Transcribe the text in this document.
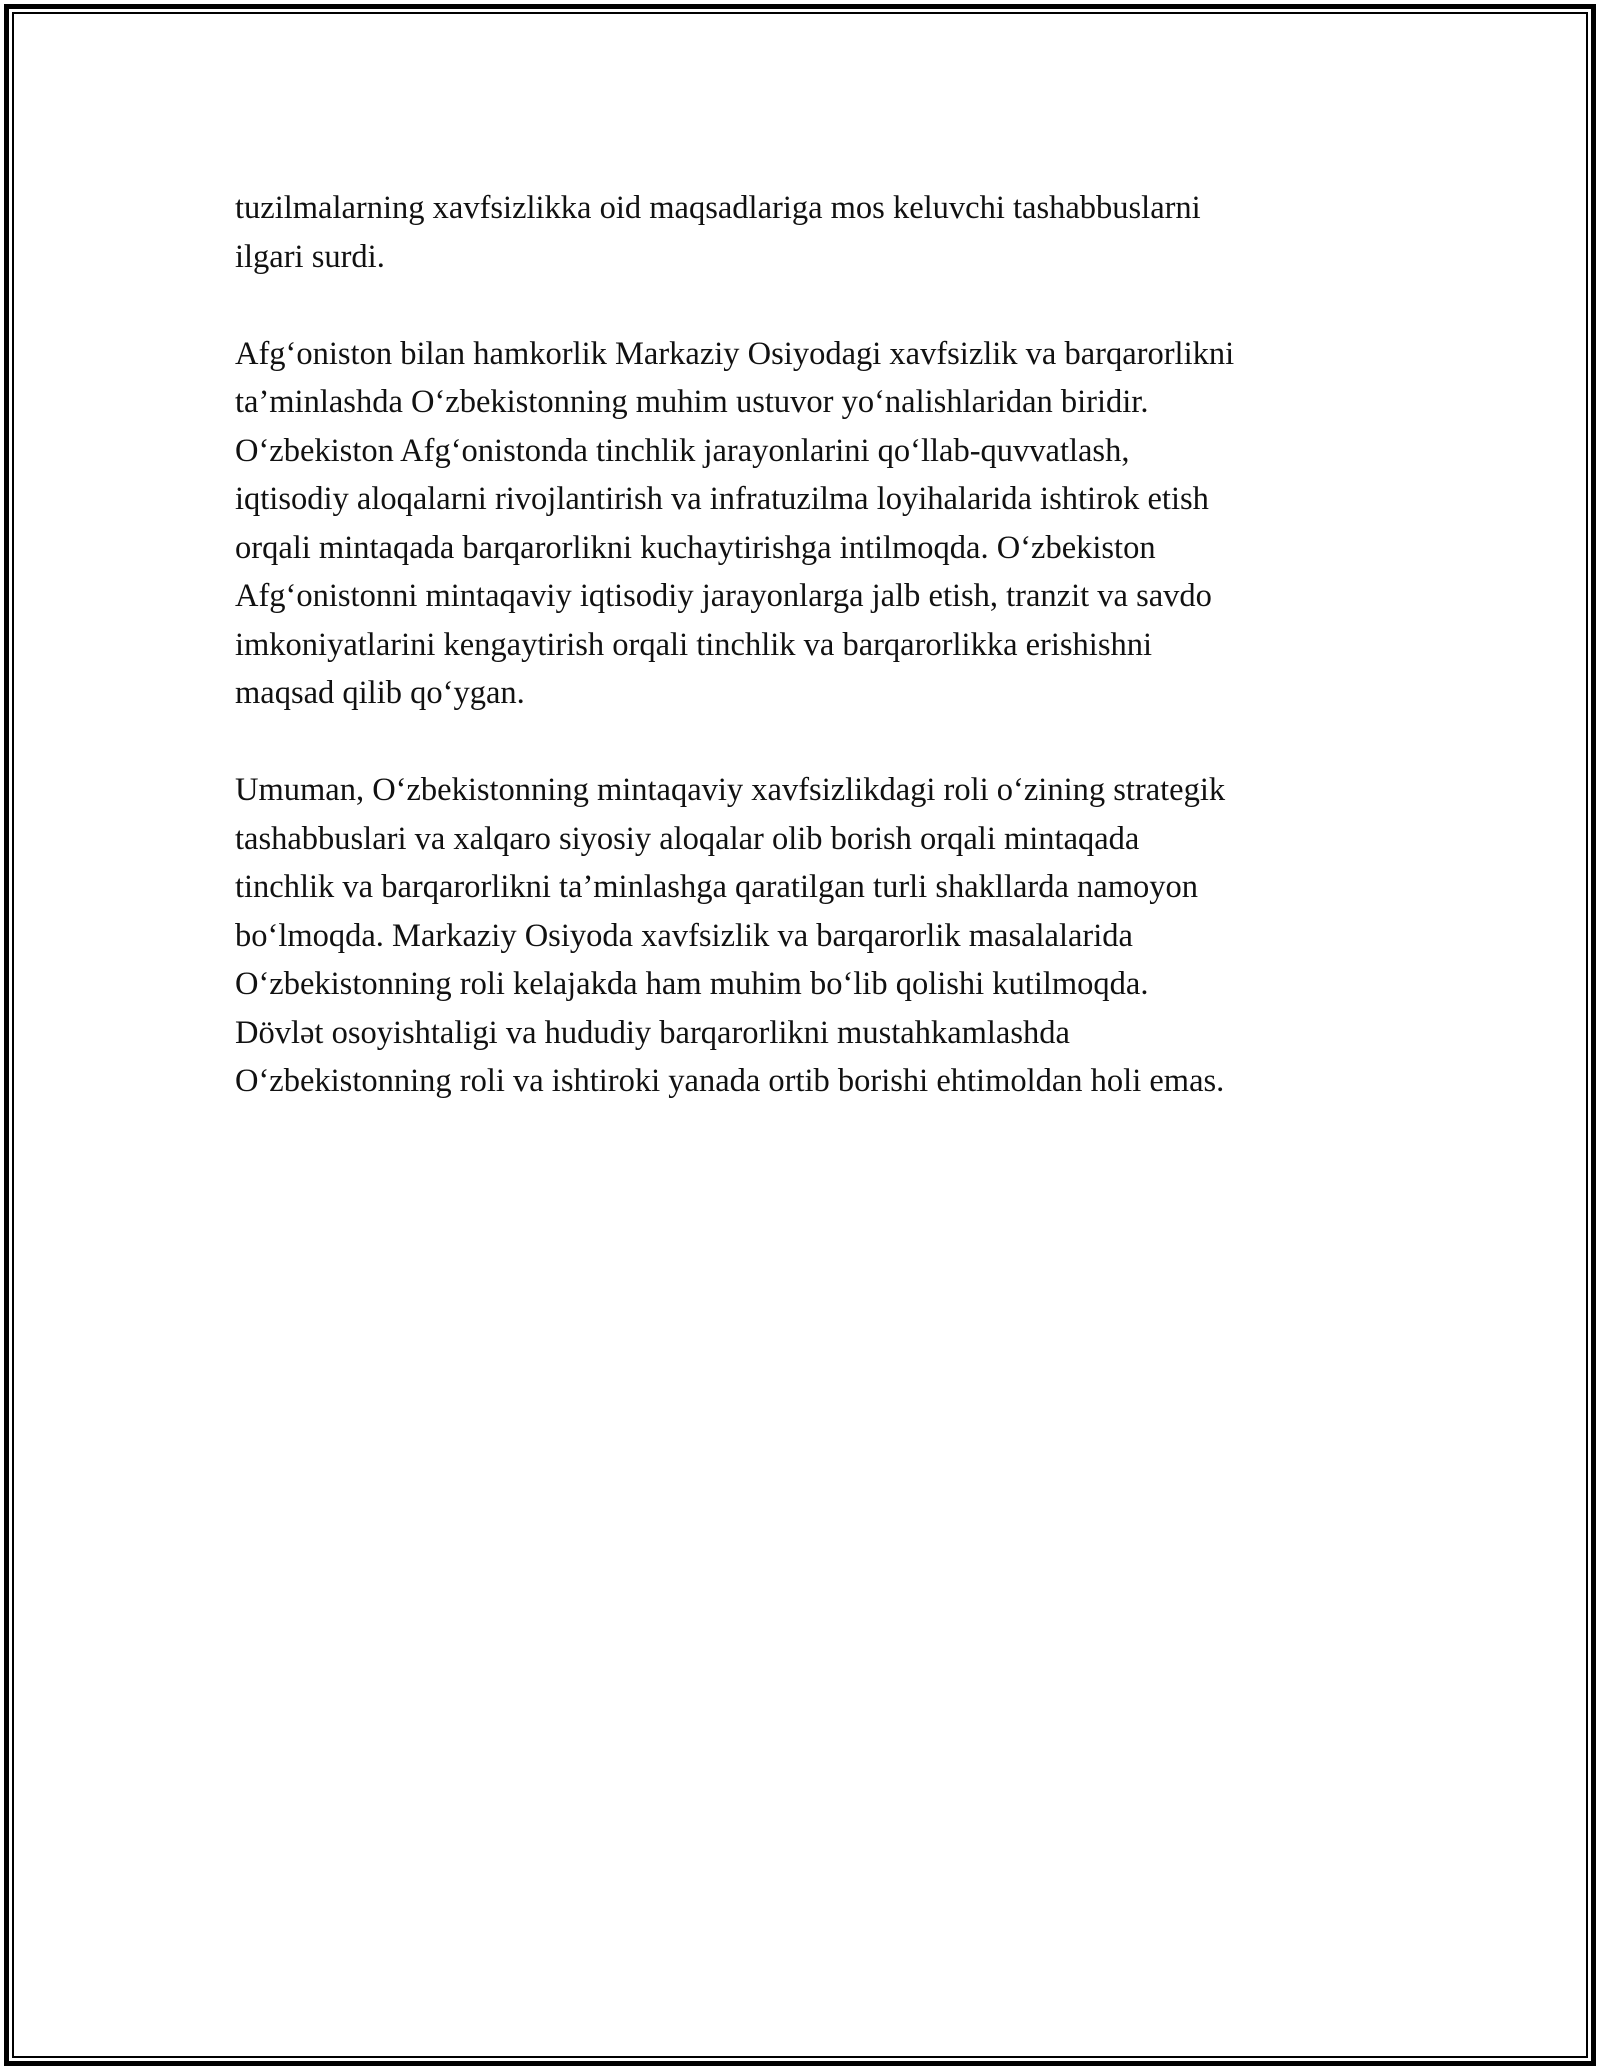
tuzilmalarning xavfsizlikka oid maqsadlariga mos keluvchi tashabbuslarni
ilgari surdi.

Afg‘oniston bilan hamkorlik Markaziy Osiyodagi xavfsizlik va barqarorlikni
ta’minlashda O‘zbekistonning muhim ustuvor yo‘nalishlaridan biridir.
O‘zbekiston Afg‘onistonda tinchlik jarayonlarini qo‘llab-quvvatlash,
iqtisodiy aloqalarni rivojlantirish va infratuzilma loyihalarida ishtirok etish
orqali mintaqada barqarorlikni kuchaytirishga intilmoqda. O‘zbekiston
Afg‘onistonni mintaqaviy iqtisodiy jarayonlarga jalb etish, tranzit va savdo
imkoniyatlarini kengaytirish orqali tinchlik va barqarorlikka erishishni
maqsad qilib qo‘ygan.

Umuman, O‘zbekistonning mintaqaviy xavfsizlikdagi roli o‘zining strategik
tashabbuslari va xalqaro siyosiy aloqalar olib borish orqali mintaqada
tinchlik va barqarorlikni ta’minlashga qaratilgan turli shakllarda namoyon
bo‘lmoqda. Markaziy Osiyoda xavfsizlik va barqarorlik masalalarida
O‘zbekistonning roli kelajakda ham muhim bo‘lib qolishi kutilmoqda.
Dövlət osoyishtaligi va hududiy barqarorlikni mustahkamlashda
O‘zbekistonning roli va ishtiroki yanada ortib borishi ehtimoldan holi emas.
